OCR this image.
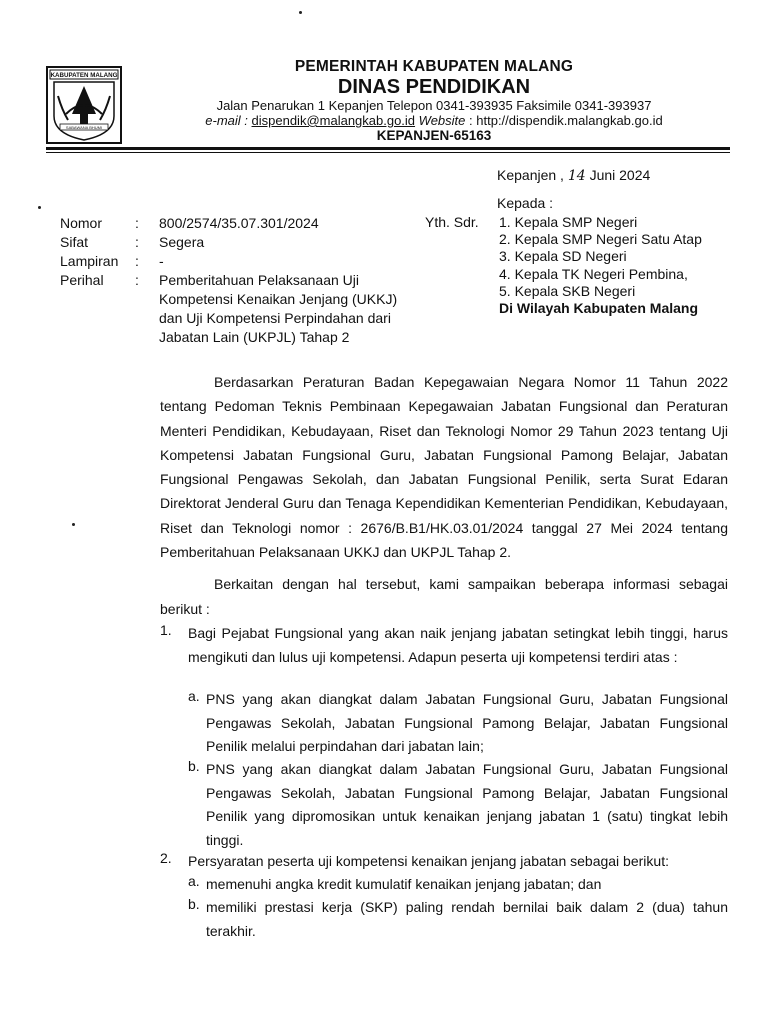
KABUPATEN MALANG
SABAWANA BHUMI
PEMERINTAH KABUPATEN MALANG
DINAS PENDIDIKAN
Jalan Penarukan 1 Kepanjen Telepon 0341-393935 Faksimile 0341-393937
e-mail : dispendik@malangkab.go.id Website : http://dispendik.malangkab.go.id
KEPANJEN-65163
Kepanjen , 14 Juni 2024
Kepada :
Nomor	:	800/2574/35.07.301/2024
Sifat	:	Segera
Lampiran	:	-
Perihal	:	Pemberitahuan Pelaksanaan Uji Kompetensi Kenaikan Jenjang (UKKJ) dan Uji Kompetensi Perpindahan dari Jabatan Lain (UKPJL) Tahap 2
Yth. Sdr. 1. Kepala SMP Negeri
2. Kepala SMP Negeri Satu Atap
3. Kepala SD Negeri
4. Kepala TK Negeri Pembina,
5. Kepala SKB Negeri
Di Wilayah Kabupaten Malang

Berdasarkan Peraturan Badan Kepegawaian Negara Nomor 11 Tahun 2022 tentang Pedoman Teknis Pembinaan Kepegawaian Jabatan Fungsional dan Peraturan Menteri Pendidikan, Kebudayaan, Riset dan Teknologi Nomor 29 Tahun 2023 tentang Uji Kompetensi Jabatan Fungsional Guru, Jabatan Fungsional Pamong Belajar, Jabatan Fungsional Pengawas Sekolah, dan Jabatan Fungsional Penilik, serta Surat Edaran Direktorat Jenderal Guru dan Tenaga Kependidikan Kementerian Pendidikan, Kebudayaan, Riset dan Teknologi nomor : 2676/B.B1/HK.03.01/2024 tanggal 27 Mei 2024 tentang Pemberitahuan Pelaksanaan UKKJ dan UKPJL Tahap 2.

Berkaitan dengan hal tersebut, kami sampaikan beberapa informasi sebagai berikut :

1. Bagi Pejabat Fungsional yang akan naik jenjang jabatan setingkat lebih tinggi, harus mengikuti dan lulus uji kompetensi. Adapun peserta uji kompetensi terdiri atas :
a. PNS yang akan diangkat dalam Jabatan Fungsional Guru, Jabatan Fungsional Pengawas Sekolah, Jabatan Fungsional Pamong Belajar, Jabatan Fungsional Penilik melalui perpindahan dari jabatan lain;
b. PNS yang akan diangkat dalam Jabatan Fungsional Guru, Jabatan Fungsional Pengawas Sekolah, Jabatan Fungsional Pamong Belajar, Jabatan Fungsional Penilik yang dipromosikan untuk kenaikan jenjang jabatan 1 (satu) tingkat lebih tinggi.
2. Persyaratan peserta uji kompetensi kenaikan jenjang jabatan sebagai berikut:
a. memenuhi angka kredit kumulatif kenaikan jenjang jabatan; dan
b. memiliki prestasi kerja (SKP) paling rendah bernilai baik dalam 2 (dua) tahun terakhir.
